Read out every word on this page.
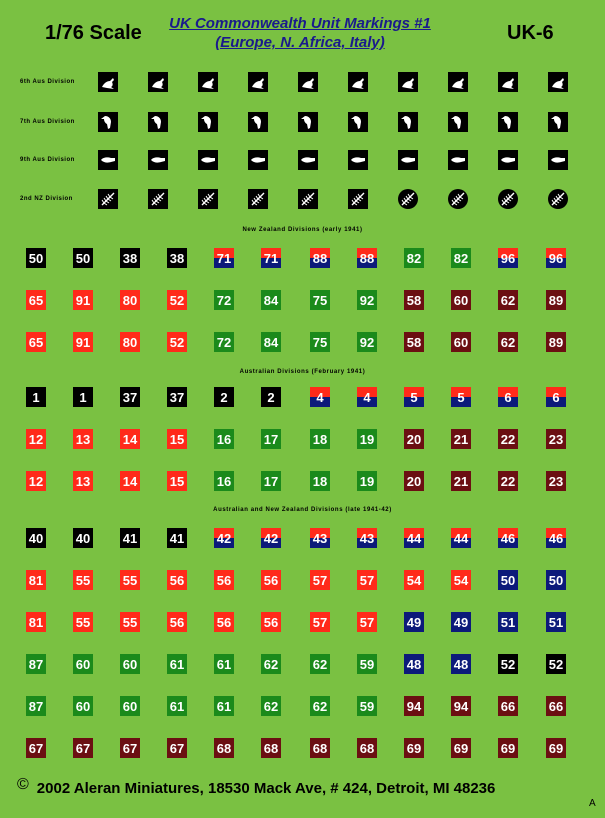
1/76 Scale	UK Commonwealth Unit Markings #1
(Europe, N. Africa, Italy)	UK-6
6th Aus Division
7th Aus Division
9th Aus Division
2nd NZ Division
New Zealand Divisions (early 1941)
50	50	38	38	71	71	88	88	82	82	96	96
65	91	80	52	72	84	75	92	58	60	62	89
65	91	80	52	72	84	75	92	58	60	62	89
Australian Divisions (February 1941)
1	1	37	37	2	2	4	4	5	5	6	6
12	13	14	15	16	17	18	19	20	21	22	23
12	13	14	15	16	17	18	19	20	21	22	23
Australian and New Zealand Divisions (late 1941-42)
40	40	41	41	42	42	43	43	44	44	46	46
81	55	55	56	56	56	57	57	54	54	50	50
81	55	55	56	56	56	57	57	49	49	51	51
87	60	60	61	61	62	62	59	48	48	52	52
87	60	60	61	61	62	62	59	94	94	66	66
67	67	67	67	68	68	68	68	69	69	69	69
© 2002 Aleran Miniatures, 18530 Mack Ave, # 424, Detroit, MI 48236
A
